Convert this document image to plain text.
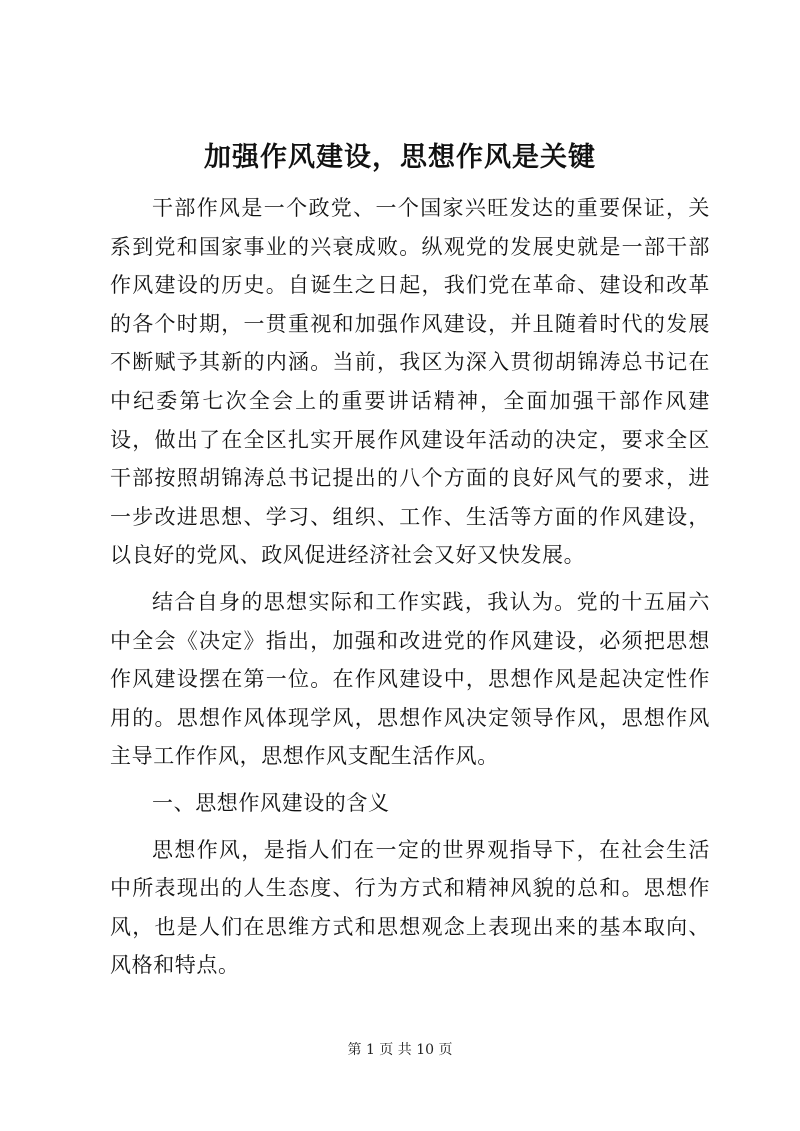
加强作风建设，思想作风是关键

干部作风是一个政党、一个国家兴旺发达的重要保证，关系到党和国家事业的兴衰成败。纵观党的发展史就是一部干部作风建设的历史。自诞生之日起，我们党在革命、建设和改革的各个时期，一贯重视和加强作风建设，并且随着时代的发展不断赋予其新的内涵。当前，我区为深入贯彻胡锦涛总书记在中纪委第七次全会上的重要讲话精神，全面加强干部作风建设，做出了在全区扎实开展作风建设年活动的决定，要求全区干部按照胡锦涛总书记提出的八个方面的良好风气的要求，进一步改进思想、学习、组织、工作、生活等方面的作风建设，以良好的党风、政风促进经济社会又好又快发展。

结合自身的思想实际和工作实践，我认为。党的十五届六中全会《决定》指出，加强和改进党的作风建设，必须把思想作风建设摆在第一位。在作风建设中，思想作风是起决定性作用的。思想作风体现学风，思想作风决定领导作风，思想作风主导工作作风，思想作风支配生活作风。

一、思想作风建设的含义

思想作风，是指人们在一定的世界观指导下，在社会生活中所表现出的人生态度、行为方式和精神风貌的总和。思想作风，也是人们在思维方式和思想观念上表现出来的基本取向、风格和特点。

第 1 页 共 10 页
